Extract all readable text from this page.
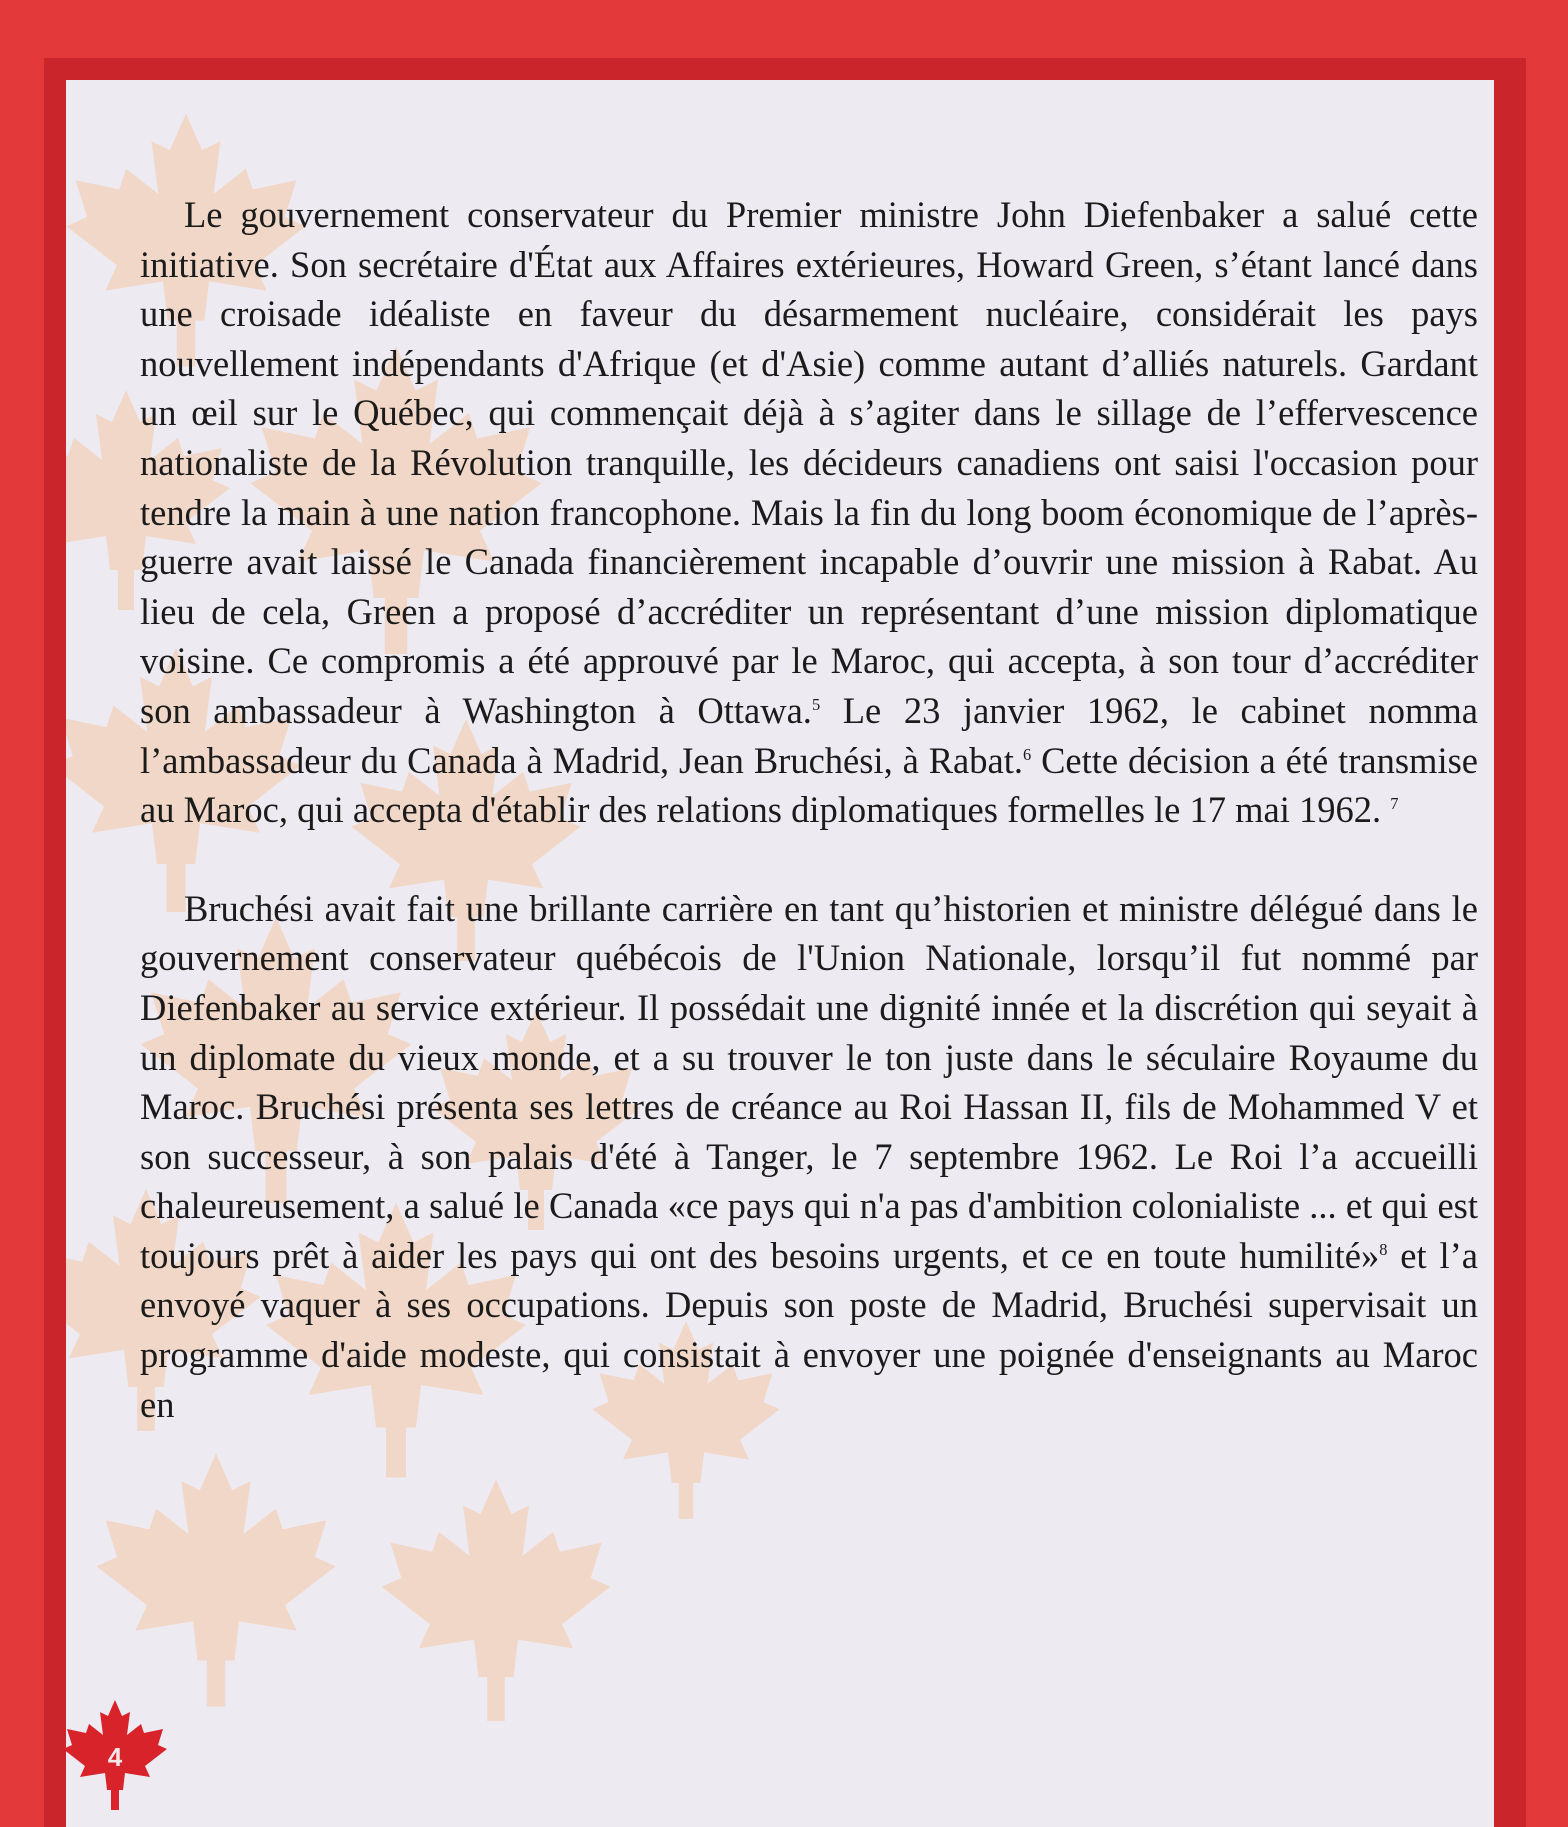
Le gouvernement conservateur du Premier ministre John Diefenbaker a salué cette initiative. Son secrétaire d'État aux Affaires extérieures, Howard Green, s’étant lancé dans une croisade idéaliste en faveur du désarmement nucléaire, considérait les pays nouvellement indépendants d'Afrique (et d'Asie) comme autant d’alliés naturels. Gardant un œil sur le Québec, qui commençait déjà à s’agiter dans le sillage de l’effervescence nationaliste de la Révolution tranquille, les décideurs canadiens ont saisi l'occasion pour tendre la main à une nation francophone. Mais la fin du long boom économique de l’après-guerre avait laissé le Canada financièrement incapable d’ouvrir une mission à Rabat. Au lieu de cela, Green a proposé d’accréditer un représentant d’une mission diplomatique voisine. Ce compromis a été approuvé par le Maroc, qui accepta, à son tour d’accréditer son ambassadeur à Washington à Ottawa.$^5$ Le 23 janvier 1962, le cabinet nomma l’ambassadeur du Canada à Madrid, Jean Bruchési, à Rabat.$^6$ Cette décision a été transmise au Maroc, qui accepta d'établir des relations diplomatiques formelles le 17 mai 1962. $^7$

Bruchési avait fait une brillante carrière en tant qu’historien et ministre délégué dans le gouvernement conservateur québécois de l'Union Nationale, lorsqu’il fut nommé par Diefenbaker au service extérieur. Il possédait une dignité innée et la discrétion qui seyait à un diplomate du vieux monde, et a su trouver le ton juste dans le séculaire Royaume du Maroc. Bruchési présenta ses lettres de créance au Roi Hassan II, fils de Mohammed V et son successeur, à son palais d'été à Tanger, le 7 septembre 1962. Le Roi l’a accueilli chaleureusement, a salué le Canada «ce pays qui n'a pas d'ambition colonialiste ... et qui est toujours prêt à aider les pays qui ont des besoins urgents, et ce en toute humilité»$^8$ et l’a envoyé vaquer à ses occupations. Depuis son poste de Madrid, Bruchési supervisait un programme d'aide modeste, qui consistait à envoyer une poignée d'enseignants au Maroc en

4
